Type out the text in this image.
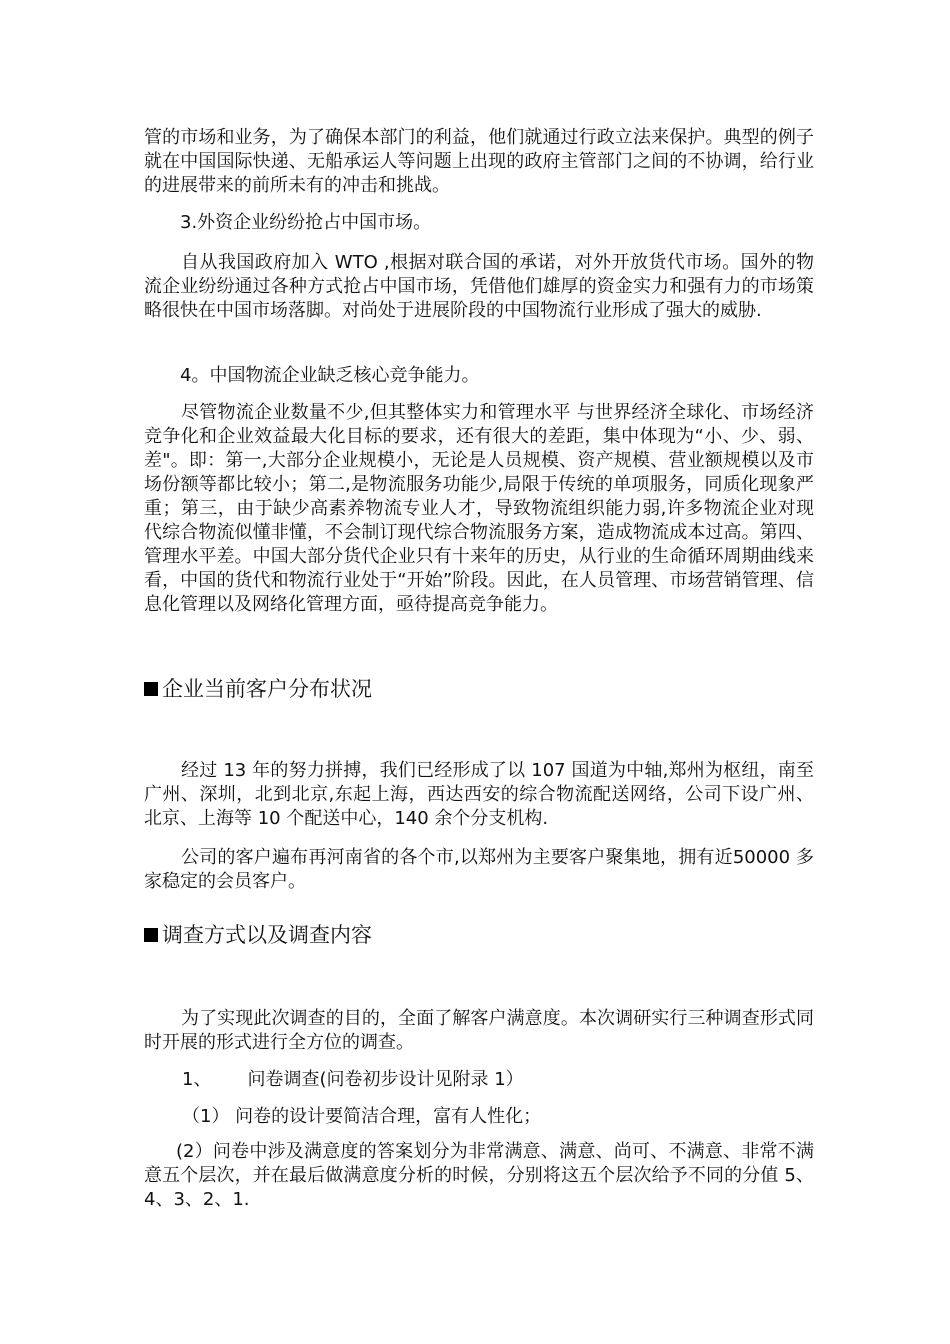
管的市场和业务，为了确保本部门的利益，他们就通过行政立法来保护。典型的例子就在中国国际快递、无船承运人等问题上出现的政府主管部门之间的不协调，给行业的进展带来的前所未有的冲击和挑战。

3.外资企业纷纷抢占中国市场。

自从我国政府加入 WTO ,根据对联合国的承诺，对外开放货代市场。国外的物流企业纷纷通过各种方式抢占中国市场，凭借他们雄厚的资金实力和强有力的市场策略很快在中国市场落脚。对尚处于进展阶段的中国物流行业形成了强大的威胁.

4。中国物流企业缺乏核心竞争能力。

尽管物流企业数量不少,但其整体实力和管理水平 与世界经济全球化、市场经济竞争化和企业效益最大化目标的要求，还有很大的差距，集中体现为“小、少、弱、差"。即：第一,大部分企业规模小，无论是人员规模、资产规模、营业额规模以及市场份额等都比较小；第二,是物流服务功能少,局限于传统的单项服务，同质化现象严重；第三，由于缺少高素养物流专业人才，导致物流组织能力弱,许多物流企业对现代综合物流似懂非懂，不会制订现代综合物流服务方案，造成物流成本过高。第四、管理水平差。中国大部分货代企业只有十来年的历史，从行业的生命循环周期曲线来看，中国的货代和物流行业处于“开始”阶段。因此，在人员管理、市场营销管理、信息化管理以及网络化管理方面，亟待提高竞争能力。

企业当前客户分布状况

经过 13 年的努力拼搏，我们已经形成了以 107 国道为中轴,郑州为枢纽，南至广州、深圳，北到北京,东起上海，西达西安的综合物流配送网络，公司下设广州、北京、上海等 10 个配送中心，140 余个分支机构.

公司的客户遍布再河南省的各个市,以郑州为主要客户聚集地，拥有近50000 多家稳定的会员客户。

调查方式以及调查内容

为了实现此次调查的目的，全面了解客户满意度。本次调研实行三种调查形式同时开展的形式进行全方位的调查。

1、 问卷调查(问卷初步设计见附录 1）

（1） 问卷的设计要简洁合理，富有人性化；

(2）问卷中涉及满意度的答案划分为非常满意、满意、尚可、不满意、非常不满意五个层次，并在最后做满意度分析的时候，分别将这五个层次给予不同的分值 5、4、3、2、1.
